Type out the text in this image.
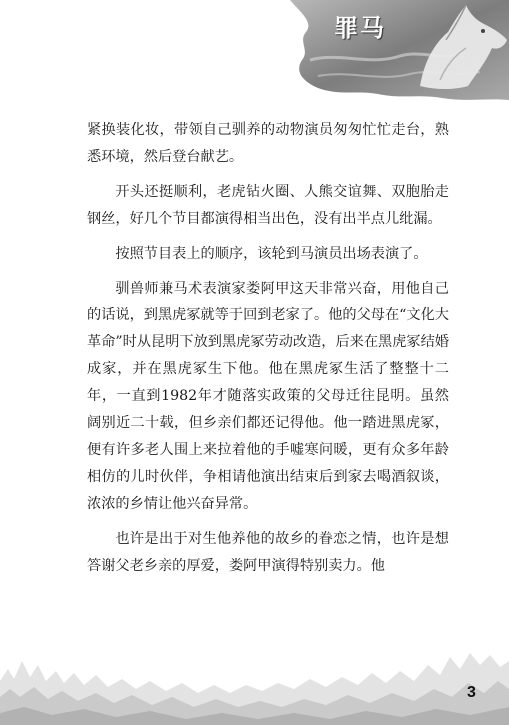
罪马

紧换装化妆，带领自己驯养的动物演员匆匆忙忙走台，熟悉环境，然后登台献艺。

开头还挺顺利，老虎钻火圈、人熊交谊舞、双胞胎走钢丝，好几个节目都演得相当出色，没有出半点儿纰漏。

按照节目表上的顺序，该轮到马演员出场表演了。

驯兽师兼马术表演家娄阿甲这天非常兴奋，用他自己的话说，到黑虎冢就等于回到老家了。他的父母在“文化大革命”时从昆明下放到黑虎冢劳动改造，后来在黑虎冢结婚成家，并在黑虎冢生下他。他在黑虎冢生活了整整十二年，一直到1982年才随落实政策的父母迁往昆明。虽然阔别近二十载，但乡亲们都还记得他。他一踏进黑虎冢，便有许多老人围上来拉着他的手嘘寒问暖，更有众多年龄相仿的儿时伙伴，争相请他演出结束后到家去喝酒叙谈，浓浓的乡情让他兴奋异常。

也许是出于对生他养他的故乡的眷恋之情，也许是想答谢父老乡亲的厚爱，娄阿甲演得特别卖力。他

3
